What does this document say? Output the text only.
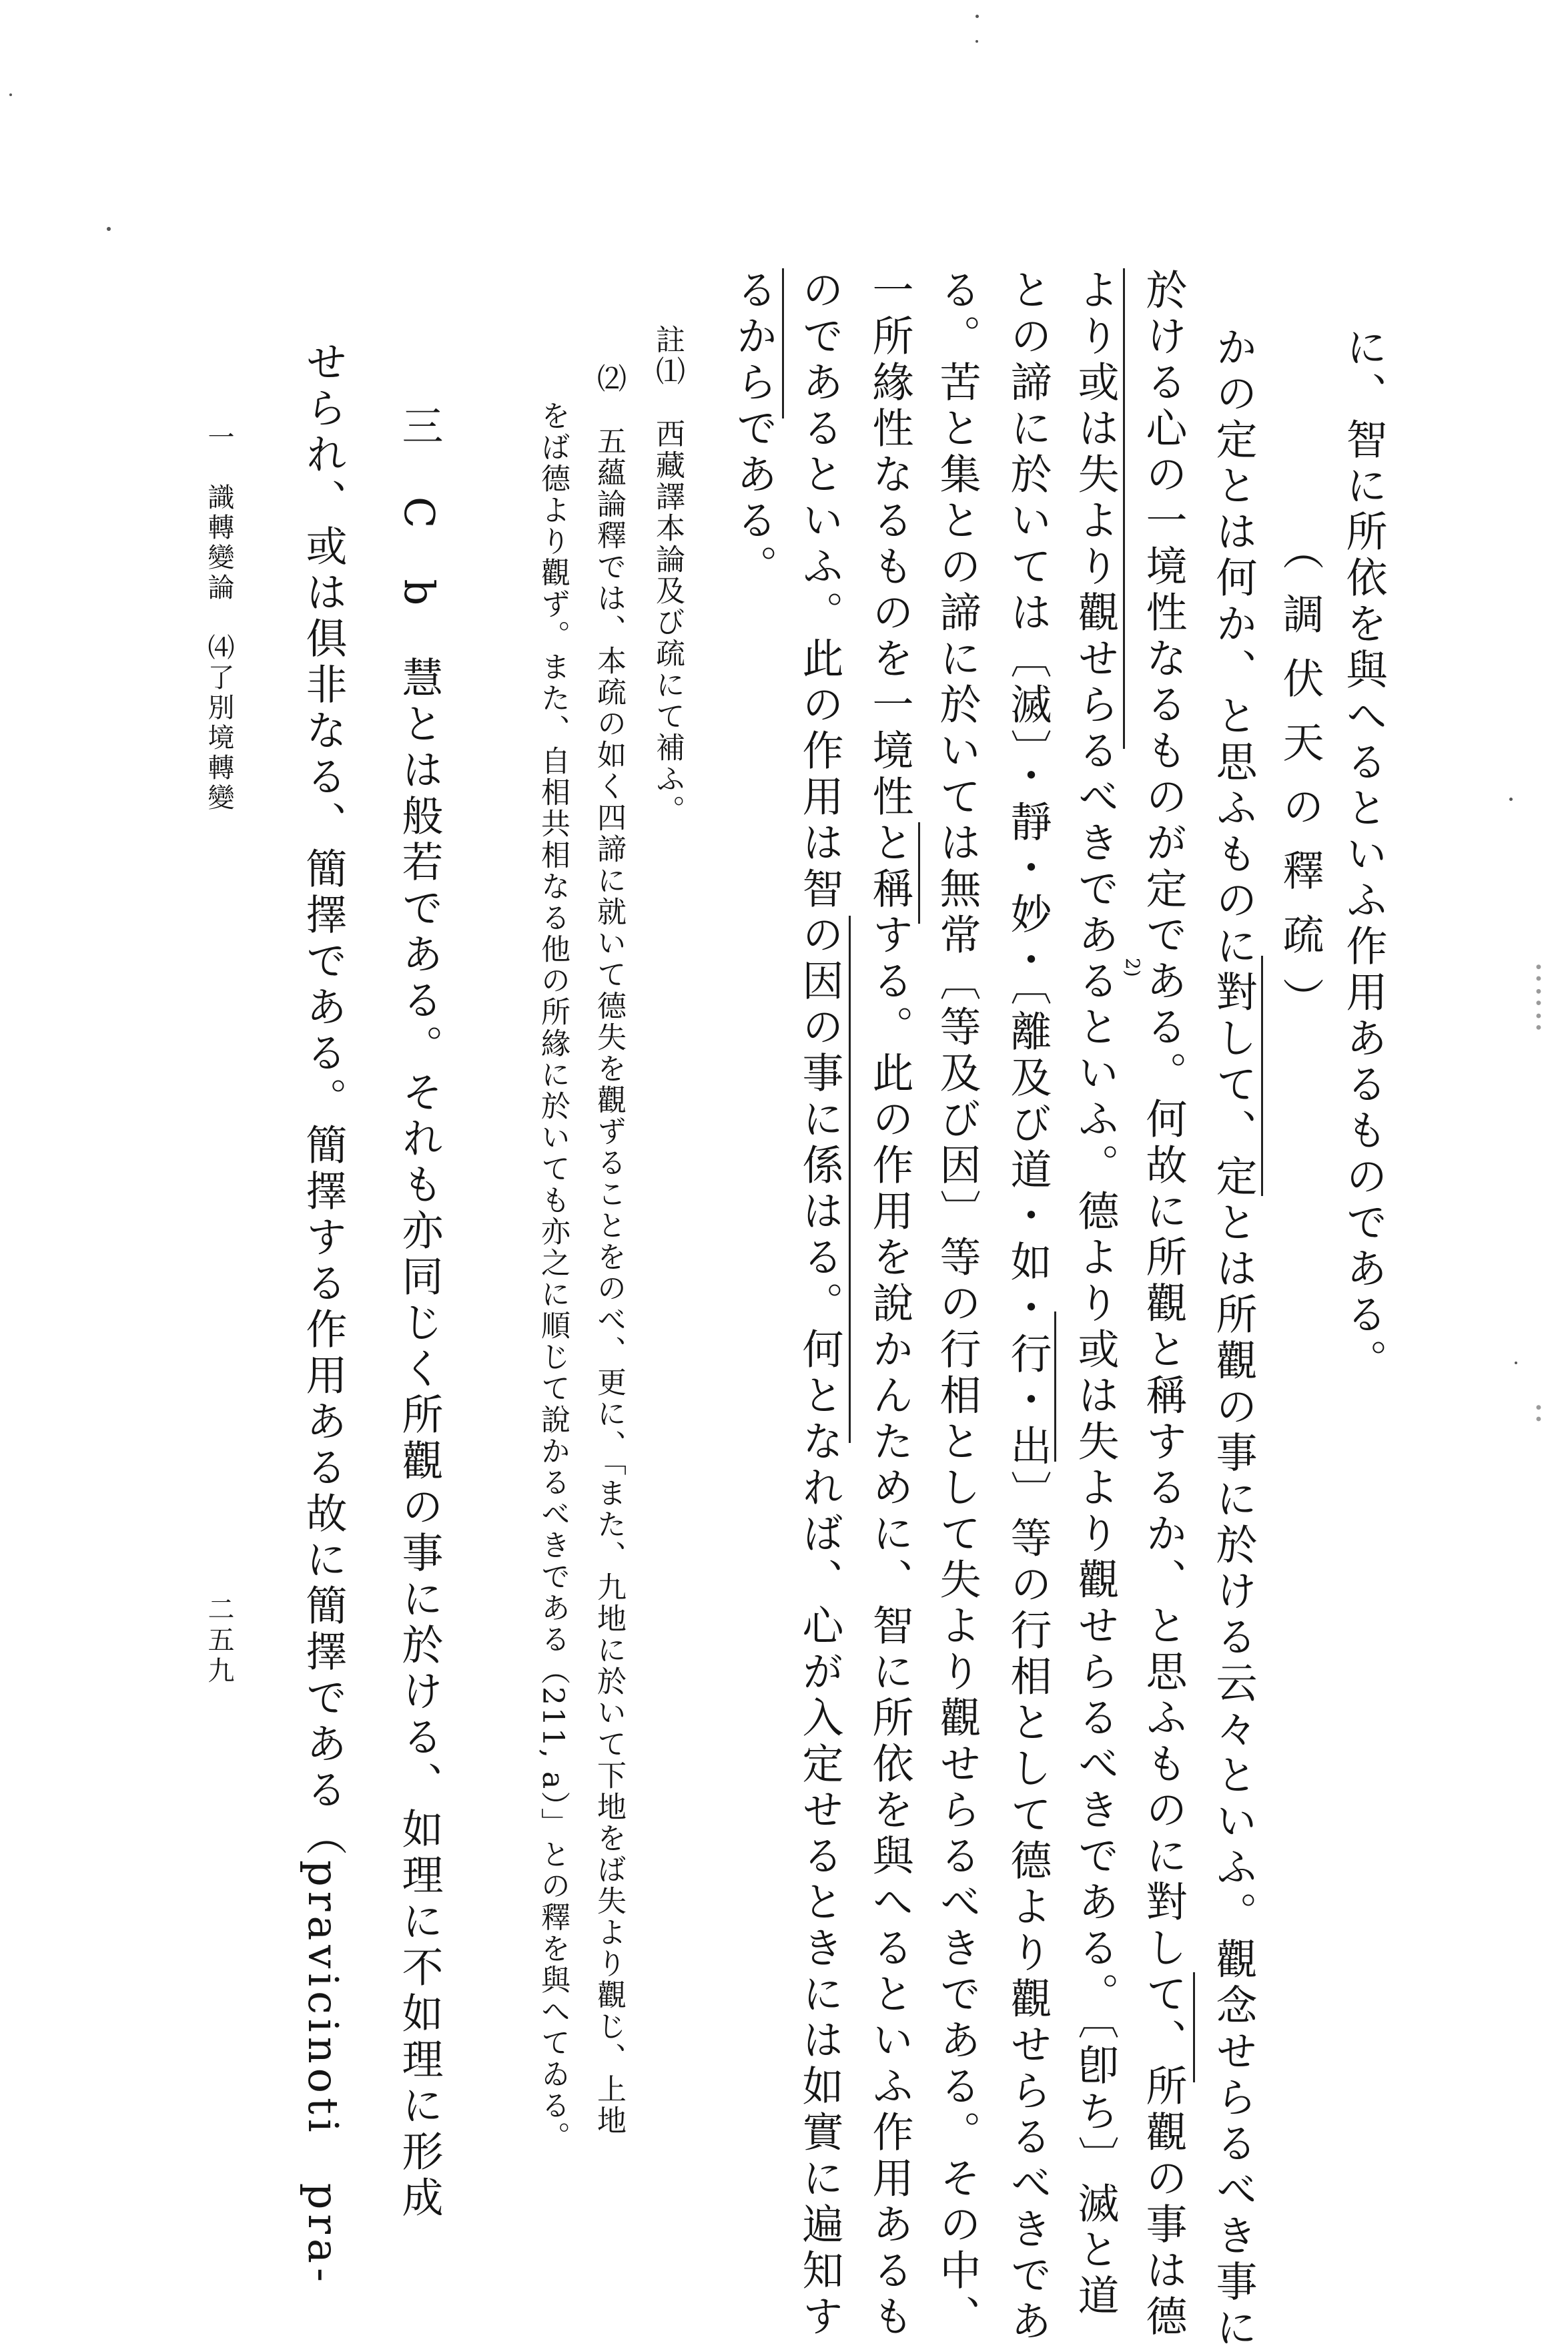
に、智に所依を與へるといふ作用あるものである。
（調伏天の釋疏）
かの定とは何か、と思ふものに對して、定とは所觀の事に於ける云々といふ。觀念せらるべき事に
於ける心の一境性なるものが定である。何故に所觀と稱するか、と思ふものに對して、所觀の事は德
より或は失より觀せらるべきであるといふ。德より或は失より觀せらるべきである。〔卽ち〕滅と道 2)
との諦に於いては〔滅〕・靜・妙・〔離及び道・如・行・出〕等の行相として德より觀せらるべきであ
る。苦と集との諦に於いては無常〔等及び因〕等の行相として失より觀せらるべきである。その中、
一所緣性なるものを一境性と稱する。此の作用を說かんために、智に所依を與へるといふ作用あるも
のであるといふ。此の作用は智の因の事に係はる。何となれば、心が入定せるときには如實に遍知す
るからである。
註⑴　西藏譯本論及び疏にて補ふ。
⑵　五蘊論釋では、本疏の如く四諦に就いて德失を觀ずることをのべ、更に、「また、九地に於いて下地をば失より觀じ、上地
をば德より觀ず。また、自相共相なる他の所緣に於いても亦之に順じて說かるべきである（211, a）」との釋を與へてゐる。
三　C　b　慧とは般若である。それも亦同じく所觀の事に於ける、如理に不如理に形成
せられ、或は俱非なる、簡擇である。簡擇する作用ある故に簡擇である（pravicinoti　pra-
一　識轉變論　⑷了別境轉變
二五九
‥‥‥
‥
